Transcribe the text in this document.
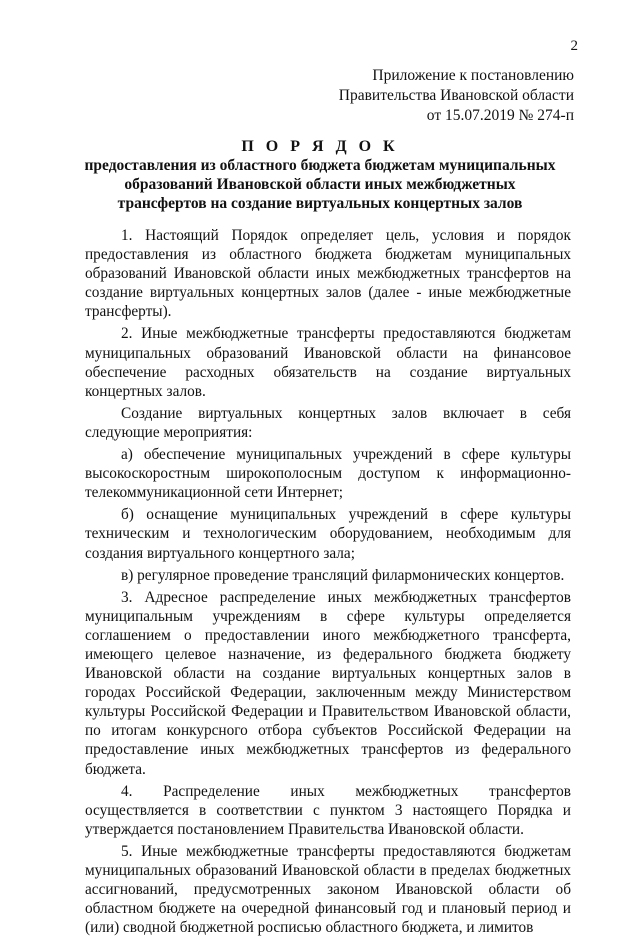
2
Приложение к постановлению
Правительства Ивановской области
от 15.07.2019 № 274-п
П О Р Я Д О К
предоставления из областного бюджета бюджетам муниципальных
образований Ивановской области иных межбюджетных
трансфертов на создание виртуальных концертных залов

1. Настоящий Порядок определяет цель, условия и порядок предоставления из областного бюджета бюджетам муниципальных образований Ивановской области иных межбюджетных трансфертов на создание виртуальных концертных залов (далее - иные межбюджетные трансферты).

2. Иные межбюджетные трансферты предоставляются бюджетам муниципальных образований Ивановской области на финансовое обеспечение расходных обязательств на создание виртуальных концертных залов.

Создание виртуальных концертных залов включает в себя следующие мероприятия:

а) обеспечение муниципальных учреждений в сфере культуры высокоскоростным широкополосным доступом к информационно-телекоммуникационной сети Интернет;

б) оснащение муниципальных учреждений в сфере культуры техническим и технологическим оборудованием, необходимым для создания виртуального концертного зала;

в) регулярное проведение трансляций филармонических концертов.

3. Адресное распределение иных межбюджетных трансфертов муниципальным учреждениям в сфере культуры определяется соглашением о предоставлении иного межбюджетного трансферта, имеющего целевое назначение, из федерального бюджета бюджету Ивановской области на создание виртуальных концертных залов в городах Российской Федерации, заключенным между Министерством культуры Российской Федерации и Правительством Ивановской области, по итогам конкурсного отбора субъектов Российской Федерации на предоставление иных межбюджетных трансфертов из федерального бюджета.

4. Распределение иных межбюджетных трансфертов осуществляется в соответствии с пунктом 3 настоящего Порядка и утверждается постановлением Правительства Ивановской области.

5. Иные межбюджетные трансферты предоставляются бюджетам муниципальных образований Ивановской области в пределах бюджетных ассигнований, предусмотренных законом Ивановской области об областном бюджете на очередной финансовый год и плановый период и (или) сводной бюджетной росписью областного бюджета, и лимитов
